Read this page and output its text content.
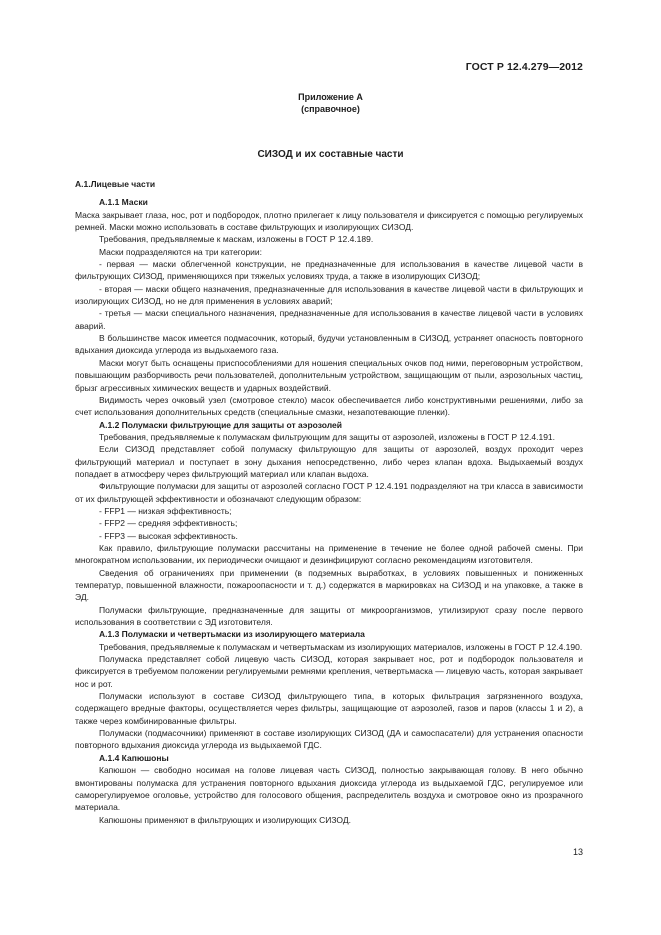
ГОСТ Р 12.4.279—2012
Приложение А
(справочное)
СИЗОД и их составные части

А.1.Лицевые части

А.1.1 Маски

Маска закрывает глаза, нос, рот и подбородок, плотно прилегает к лицу пользователя и фиксируется с помощью регулируемых ремней. Маски можно использовать в составе фильтрующих и изолирующих СИЗОД.

Требования, предъявляемые к маскам, изложены в ГОСТ Р 12.4.189.

Маски подразделяются на три категории:

- первая — маски облегченной конструкции, не предназначенные для использования в качестве лицевой части в фильтрующих СИЗОД, применяющихся при тяжелых условиях труда, а также в изолирующих СИЗОД;

- вторая — маски общего назначения, предназначенные для использования в качестве лицевой части в фильтрующих и изолирующих СИЗОД, но не для применения в условиях аварий;

- третья — маски специального назначения, предназначенные для использования в качестве лицевой части в условиях аварий.

В большинстве масок имеется подмасочник, который, будучи установленным в СИЗОД, устраняет опасность повторного вдыхания диоксида углерода из выдыхаемого газа.

Маски могут быть оснащены приспособлениями для ношения специальных очков под ними, переговорным устройством, повышающим разборчивость речи пользователей, дополнительным устройством, защищающим от пыли, аэрозольных частиц, брызг агрессивных химических веществ и ударных воздействий.

Видимость через очковый узел (смотровое стекло) масок обеспечивается либо конструктивными решениями, либо за счет использования дополнительных средств (специальные смазки, незапотевающие пленки).

А.1.2 Полумаски фильтрующие для защиты от аэрозолей

Требования, предъявляемые к полумаскам фильтрующим для защиты от аэрозолей, изложены в ГОСТ Р 12.4.191.

Если СИЗОД представляет собой полумаску фильтрующую для защиты от аэрозолей, воздух проходит через фильтрующий материал и поступает в зону дыхания непосредственно, либо через клапан вдоха. Выдыхаемый воздух попадает в атмосферу через фильтрующий материал или клапан выдоха.

Фильтрующие полумаски для защиты от аэрозолей согласно ГОСТ Р 12.4.191 подразделяют на три класса в зависимости от их фильтрующей эффективности и обозначают следующим образом:

- FFP1 — низкая эффективность;

- FFP2 — средняя эффективность;

- FFP3 — высокая эффективность.

Как правило, фильтрующие полумаски рассчитаны на применение в течение не более одной рабочей смены. При многократном использовании, их периодически очищают и дезинфицируют согласно рекомендациям изготовителя.

Сведения об ограничениях при применении (в подземных выработках, в условиях повышенных и пониженных температур, повышенной влажности, пожароопасности и т. д.) содержатся в маркировках на СИЗОД и на упаковке, а также в ЭД.

Полумаски фильтрующие, предназначенные для защиты от микроорганизмов, утилизируют сразу после первого использования в соответствии с ЭД изготовителя.

А.1.3 Полумаски и четвертьмаски из изолирующего материала

Требования, предъявляемые к полумаскам и четвертьмаскам из изолирующих материалов, изложены в ГОСТ Р 12.4.190.

Полумаска представляет собой лицевую часть СИЗОД, которая закрывает нос, рот и подбородок пользователя и фиксируется в требуемом положении регулируемыми ремнями крепления, четвертьмаска — лицевую часть, которая закрывает нос и рот.

Полумаски используют в составе СИЗОД фильтрующего типа, в которых фильтрация загрязненного воздуха, содержащего вредные факторы, осуществляется через фильтры, защищающие от аэрозолей, газов и паров (классы 1 и 2), а также через комбинированные фильтры.

Полумаски (подмасочники) применяют в составе изолирующих СИЗОД (ДА и самоспасатели) для устранения опасности повторного вдыхания диоксида углерода из выдыхаемой ГДС.

А.1.4 Капюшоны

Капюшон — свободно носимая на голове лицевая часть СИЗОД, полностью закрывающая голову. В него обычно вмонтированы полумаска для устранения повторного вдыхания диоксида углерода из выдыхаемой ГДС, регулируемое или саморегулируемое оголовье, устройство для голосового общения, распределитель воздуха и смотровое окно из прозрачного материала.

Капюшоны применяют в фильтрующих и изолирующих СИЗОД.

13
